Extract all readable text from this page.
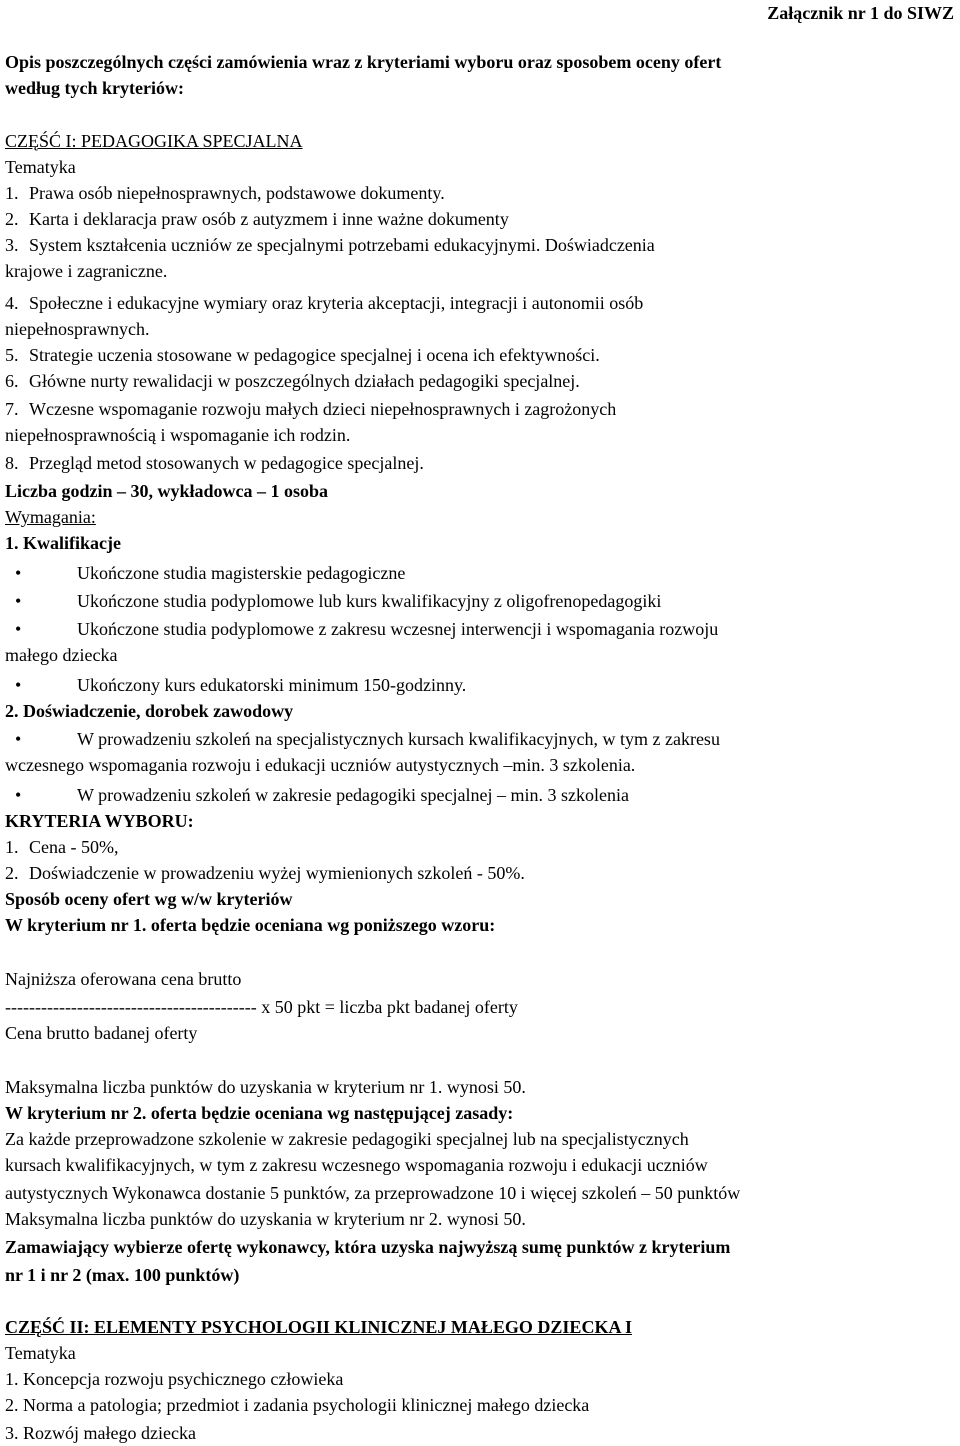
Załącznik nr 1 do SIWZ
Opis poszczególnych części zamówienia wraz z kryteriami wyboru oraz sposobem oceny ofert
według tych kryteriów:
CZĘŚĆ I: PEDAGOGIKA SPECJALNA
Tematyka
1. Prawa osób niepełnosprawnych, podstawowe dokumenty.
2. Karta i deklaracja praw osób z autyzmem i inne ważne dokumenty
3. System kształcenia uczniów ze specjalnymi potrzebami edukacyjnymi. Doświadczenia
krajowe i zagraniczne.
4. Społeczne i edukacyjne wymiary oraz kryteria akceptacji, integracji i autonomii osób
niepełnosprawnych.
5. Strategie uczenia stosowane w pedagogice specjalnej i ocena ich efektywności.
6. Główne nurty rewalidacji w poszczególnych działach pedagogiki specjalnej.
7. Wczesne wspomaganie rozwoju małych dzieci niepełnosprawnych i zagrożonych
niepełnosprawnością i wspomaganie ich rodzin.
8. Przegląd metod stosowanych w pedagogice specjalnej.
Liczba godzin – 30, wykładowca – 1 osoba
Wymagania:
1. Kwalifikacje
•	Ukończone studia magisterskie pedagogiczne
•	Ukończone studia podyplomowe lub kurs kwalifikacyjny z oligofrenopedagogiki
•	Ukończone studia podyplomowe z zakresu wczesnej interwencji i wspomagania rozwoju
małego dziecka
•	Ukończony kurs edukatorski minimum 150-godzinny.
2. Doświadczenie, dorobek zawodowy
•	W prowadzeniu szkoleń na specjalistycznych kursach kwalifikacyjnych, w tym z zakresu
wczesnego wspomagania rozwoju i edukacji uczniów autystycznych –min. 3 szkolenia.
•	W prowadzeniu szkoleń w zakresie pedagogiki specjalnej – min. 3 szkolenia
KRYTERIA WYBORU:
1. Cena - 50%,
2. Doświadczenie w prowadzeniu wyżej wymienionych szkoleń - 50%.
Sposób oceny ofert wg w/w kryteriów
W kryterium nr 1. oferta będzie oceniana wg poniższego wzoru:
Najniższa oferowana cena brutto
------------------------------------------ x 50 pkt = liczba pkt badanej oferty
Cena brutto badanej oferty
Maksymalna liczba punktów do uzyskania w kryterium nr 1. wynosi 50.
W kryterium nr 2. oferta będzie oceniana wg następującej zasady:
Za każde przeprowadzone szkolenie w zakresie pedagogiki specjalnej lub na specjalistycznych
kursach kwalifikacyjnych, w tym z zakresu wczesnego wspomagania rozwoju i edukacji uczniów
autystycznych Wykonawca dostanie 5 punktów, za przeprowadzone 10 i więcej szkoleń – 50 punktów
Maksymalna liczba punktów do uzyskania w kryterium nr 2. wynosi 50.
Zamawiający wybierze ofertę wykonawcy, która uzyska najwyższą sumę punktów z kryterium
nr 1 i nr 2 (max. 100 punktów)
CZĘŚĆ II: ELEMENTY PSYCHOLOGII KLINICZNEJ MAŁEGO DZIECKA I
Tematyka
1. Koncepcja rozwoju psychicznego człowieka
2. Norma a patologia; przedmiot i zadania psychologii klinicznej małego dziecka
3. Rozwój małego dziecka
